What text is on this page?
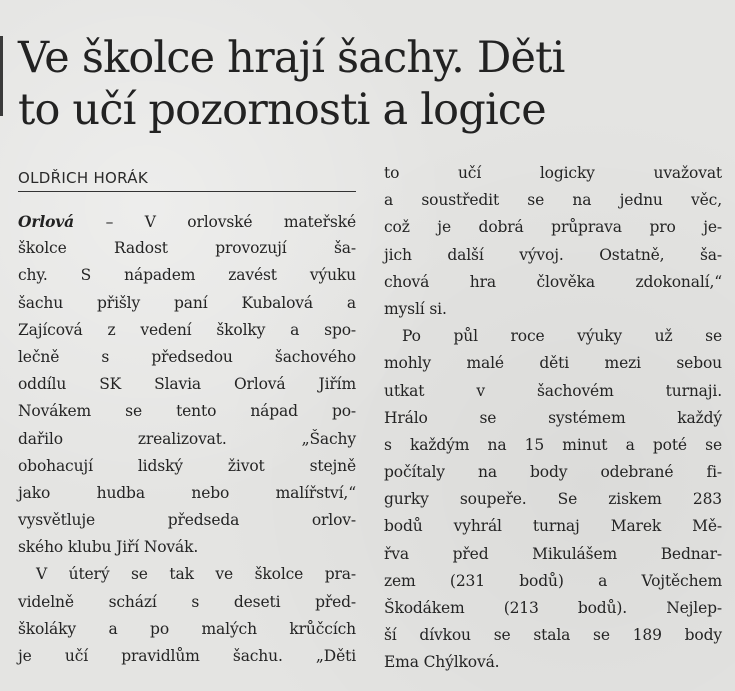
Ve školce hrají šachy. Děti
to učí pozornosti a logice
OLDŘICH HORÁK
Orlová – V orlovské mateřské
školce Radost provozují ša-
chy. S nápadem zavést výuku
šachu přišly paní Kubalová a
Zajícová z vedení školky a spo-
lečně s předsedou šachového
oddílu SK Slavia Orlová Jiřím
Novákem se tento nápad po-
dařilo zrealizovat. „Šachy
obohacují lidský život stejně
jako hudba nebo malířství,“
vysvětluje předseda orlov-
ského klubu Jiří Novák.
V úterý se tak ve školce pra-
videlně schází s deseti před-
školáky a po malých krůčcích
je učí pravidlům šachu. „Děti
to učí logicky uvažovat
a soustředit se na jednu věc,
což je dobrá průprava pro je-
jich další vývoj. Ostatně, ša-
chová hra člověka zdokonalí,“
myslí si.
Po půl roce výuky už se
mohly malé děti mezi sebou
utkat v šachovém turnaji.
Hrálo se systémem každý
s každým na 15 minut a poté se
počítaly na body odebrané fi-
gurky soupeře. Se ziskem 283
bodů vyhrál turnaj Marek Mě-
řva před Mikulášem Bednar-
zem (231 bodů) a Vojtěchem
Škodákem (213 bodů). Nejlep-
ší dívkou se stala se 189 body
Ema Chýlková.
